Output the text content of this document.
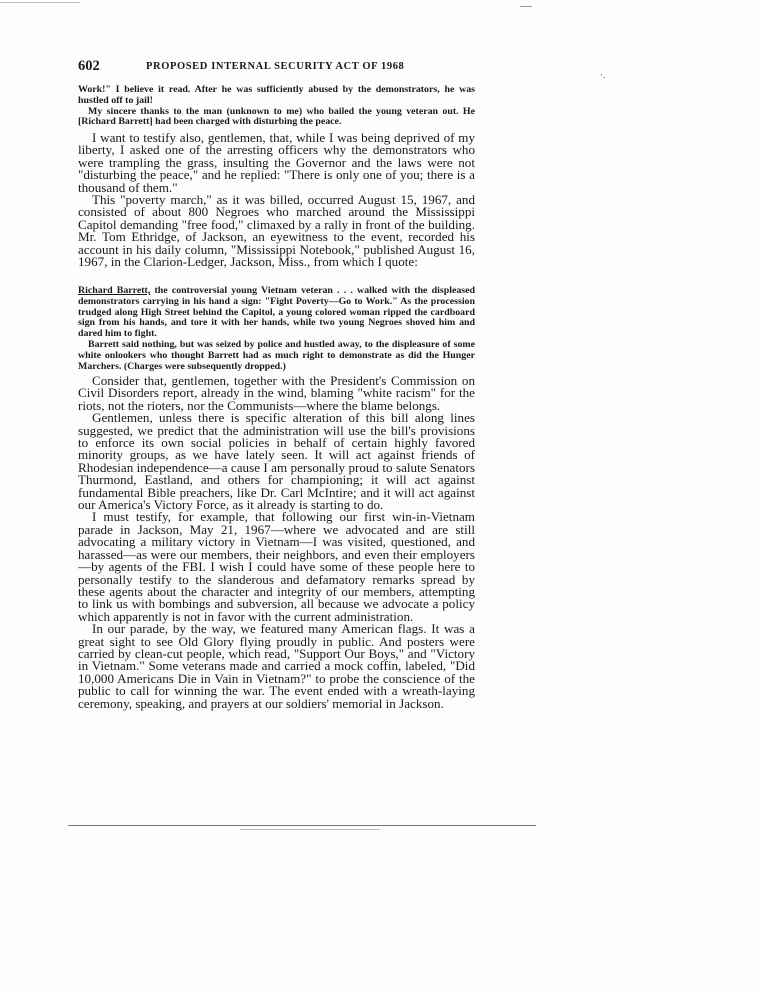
602	PROPOSED INTERNAL SECURITY ACT OF 1968
·.

Work!" I believe it read. After he was sufficiently abused by the demonstrators, he was hustled off to jail!

My sincere thanks to the man (unknown to me) who bailed the young veteran out. He [Richard Barrett] had been charged with disturbing the peace.

I want to testify also, gentlemen, that, while I was being deprived of my liberty, I asked one of the arresting officers why the demonstrators who were trampling the grass, insulting the Governor and the laws were not "disturbing the peace," and he replied: "There is only one of you; there is a thousand of them."

This "poverty march," as it was billed, occurred August 15, 1967, and consisted of about 800 Negroes who marched around the Mississippi Capitol demanding "free food," climaxed by a rally in front of the building. Mr. Tom Ethridge, of Jackson, an eyewitness to the event, recorded his account in his daily column, "Mississippi Notebook," published August 16, 1967, in the Clarion-Ledger, Jackson, Miss., from which I quote:

Richard Barrett, the controversial young Vietnam veteran . . . walked with the displeased demonstrators carrying in his hand a sign: "Fight Poverty—Go to Work." As the procession trudged along High Street behind the Capitol, a young colored woman ripped the cardboard sign from his hands, and tore it with her hands, while two young Negroes shoved him and dared him to fight.

Barrett said nothing, but was seized by police and hustled away, to the displeasure of some white onlookers who thought Barrett had as much right to demonstrate as did the Hunger Marchers. (Charges were subsequently dropped.)

Consider that, gentlemen, together with the President's Commission on Civil Disorders report, already in the wind, blaming "white racism" for the riots, not the rioters, nor the Communists—where the blame belongs.

Gentlemen, unless there is specific alteration of this bill along lines suggested, we predict that the administration will use the bill's provisions to enforce its own social policies in behalf of certain highly favored minority groups, as we have lately seen. It will act against friends of Rhodesian independence—a cause I am personally proud to salute Senators Thurmond, Eastland, and others for championing; it will act against fundamental Bible preachers, like Dr. Carl McIntire; and it will act against our America's Victory Force, as it already is starting to do.

I must testify, for example, that following our first win-in-Vietnam parade in Jackson, May 21, 1967—where we advocated and are still advocating a military victory in Vietnam—I was visited, questioned, and harassed—as were our members, their neighbors, and even their employers—by agents of the FBI. I wish I could have some of these people here to personally testify to the slanderous and defamatory remarks spread by these agents about the character and integrity of our members, attempting to link us with bombings and subversion, all because we advocate a policy which apparently is not in favor with the current administration.

In our parade, by the way, we featured many American flags. It was a great sight to see Old Glory flying proudly in public. And posters were carried by clean-cut people, which read, "Support Our Boys," and "Victory in Vietnam." Some veterans made and carried a mock coffin, labeled, "Did 10,000 Americans Die in Vain in Vietnam?" to probe the conscience of the public to call for winning the war. The event ended with a wreath-laying ceremony, speaking, and prayers at our soldiers' memorial in Jackson.
